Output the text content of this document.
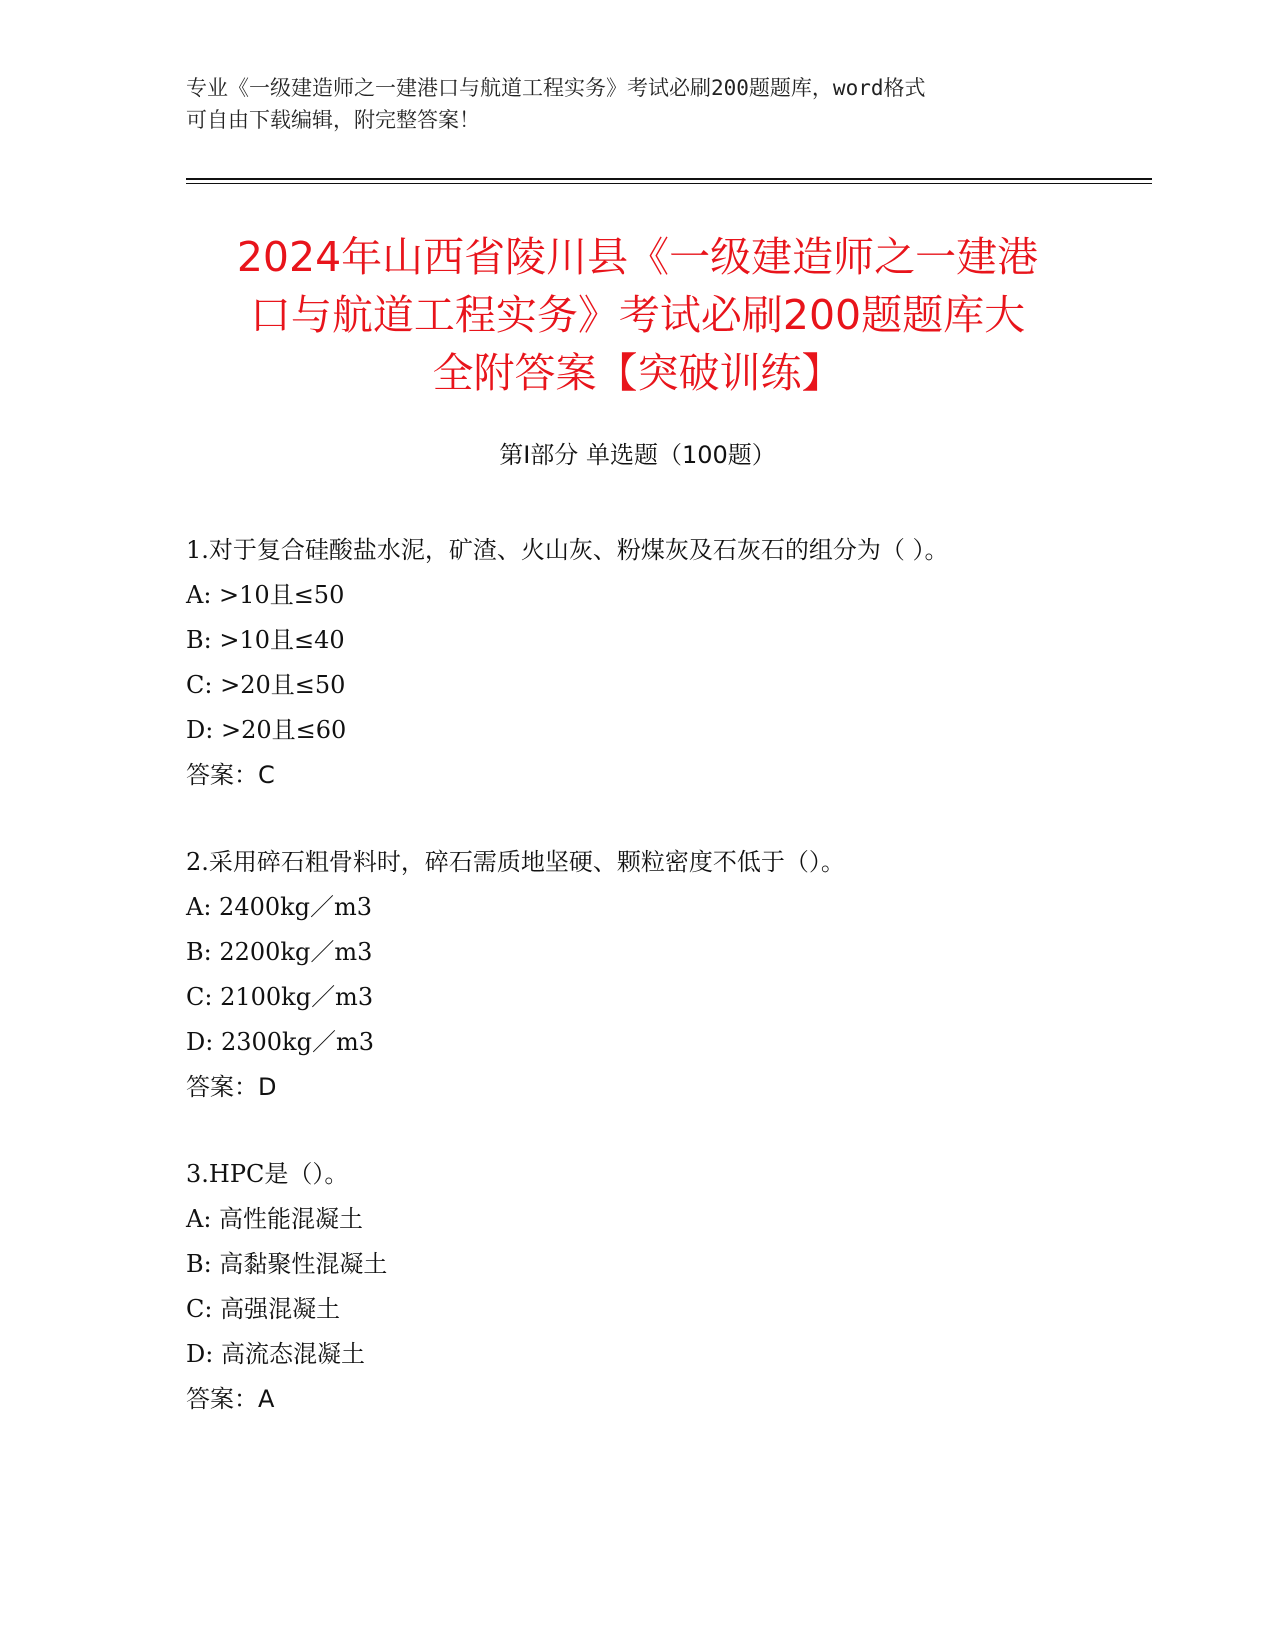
专业《一级建造师之一建港口与航道工程实务》考试必刷200题题库，word格式
可自由下载编辑，附完整答案！
2024年山西省陵川县《一级建造师之一建港
口与航道工程实务》考试必刷200题题库大
全附答案【突破训练】
第I部分 单选题（100题）
1.对于复合硅酸盐水泥，矿渣、火山灰、粉煤灰及石灰石的组分为（ ）。
A: >10且≤50
B: >10且≤40
C: >20且≤50
D: >20且≤60
答案：C
2.采用碎石粗骨料时，碎石需质地坚硬、颗粒密度不低于（）。
A: 2400kg／m3
B: 2200kg／m3
C: 2100kg／m3
D: 2300kg／m3
答案：D
3.HPC是（）。
A: 高性能混凝土
B: 高黏聚性混凝土
C: 高强混凝土
D: 高流态混凝土
答案：A
